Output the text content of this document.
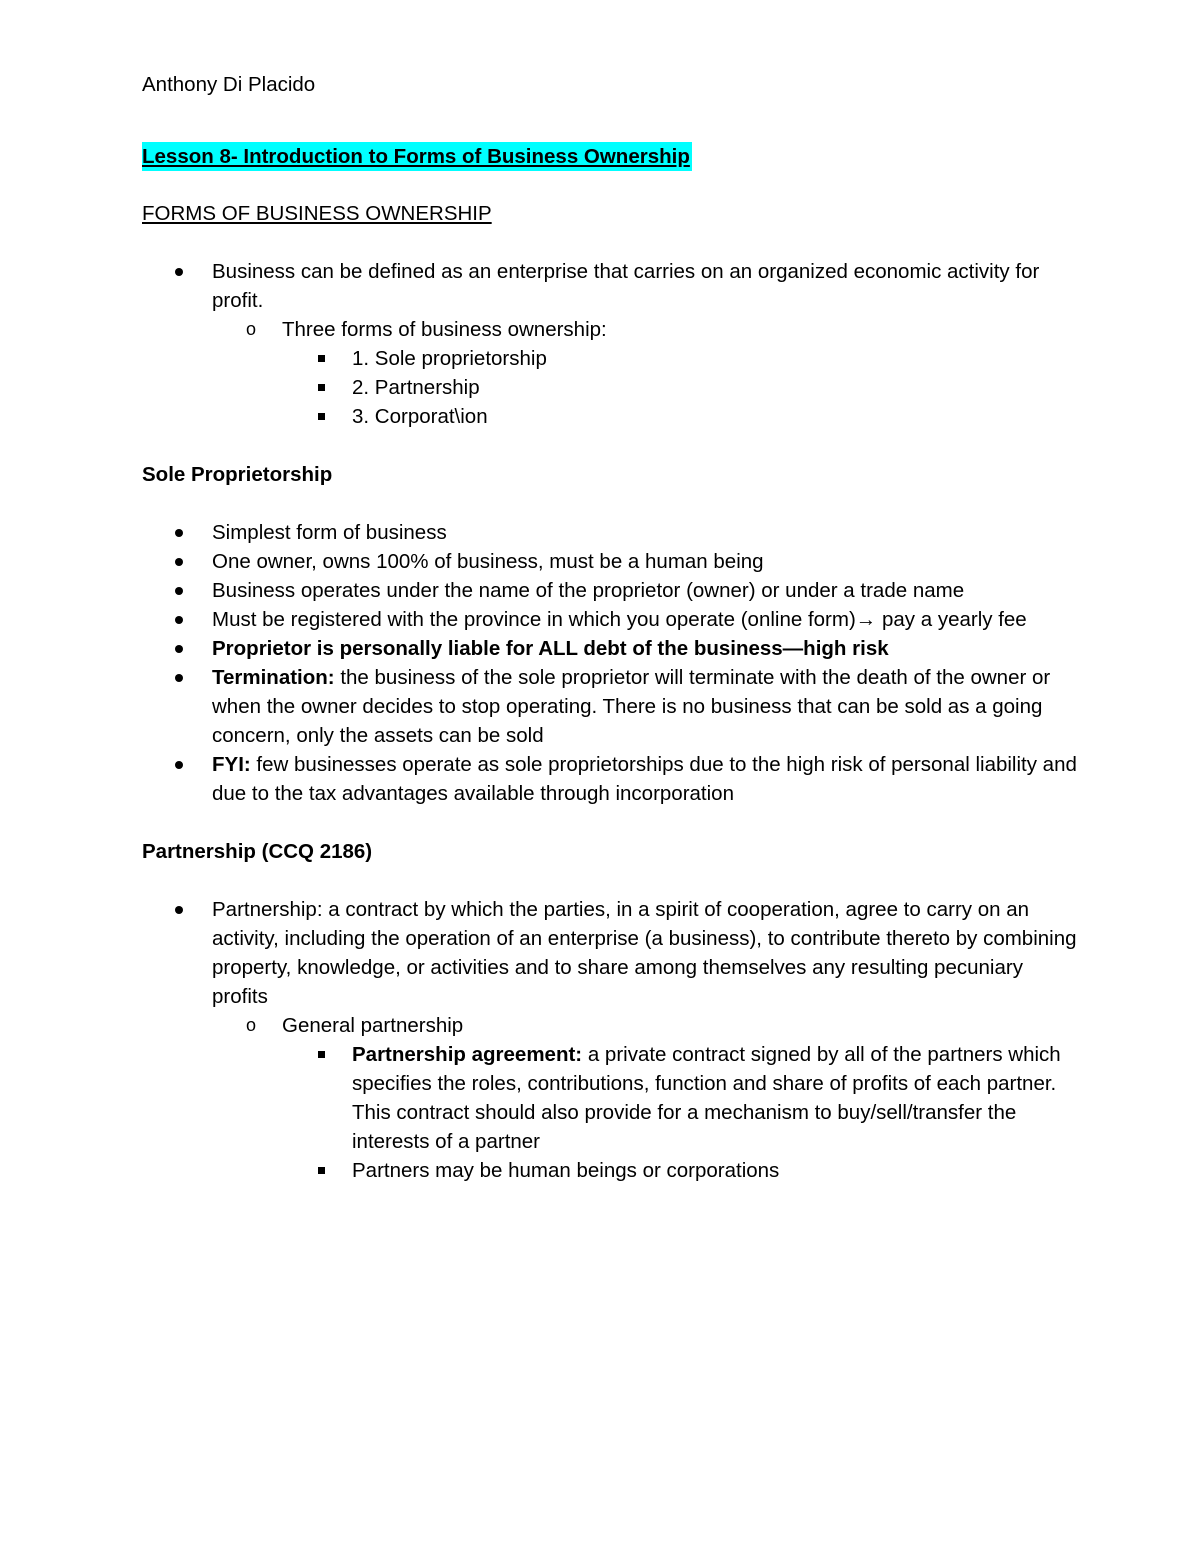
Anthony Di Placido

Lesson 8- Introduction to Forms of Business Ownership

FORMS OF BUSINESS OWNERSHIP

Business can be defined as an enterprise that carries on an organized economic activity for profit.
o Three forms of business ownership:
1. Sole proprietorship
2. Partnership
3. Corporat\ion

Sole Proprietorship

Simplest form of business
One owner, owns 100% of business, must be a human being
Business operates under the name of the proprietor (owner) or under a trade name
Must be registered with the province in which you operate (online form)→ pay a yearly fee
Proprietor is personally liable for ALL debt of the business—high risk
Termination: the business of the sole proprietor will terminate with the death of the owner or when the owner decides to stop operating. There is no business that can be sold as a going concern, only the assets can be sold
FYI: few businesses operate as sole proprietorships due to the high risk of personal liability and due to the tax advantages available through incorporation

Partnership (CCQ 2186)

Partnership: a contract by which the parties, in a spirit of cooperation, agree to carry on an activity, including the operation of an enterprise (a business), to contribute thereto by combining property, knowledge, or activities and to share among themselves any resulting pecuniary profits
o General partnership
Partnership agreement: a private contract signed by all of the partners which specifies the roles, contributions, function and share of profits of each partner. This contract should also provide for a mechanism to buy/sell/transfer the interests of a partner
Partners may be human beings or corporations
